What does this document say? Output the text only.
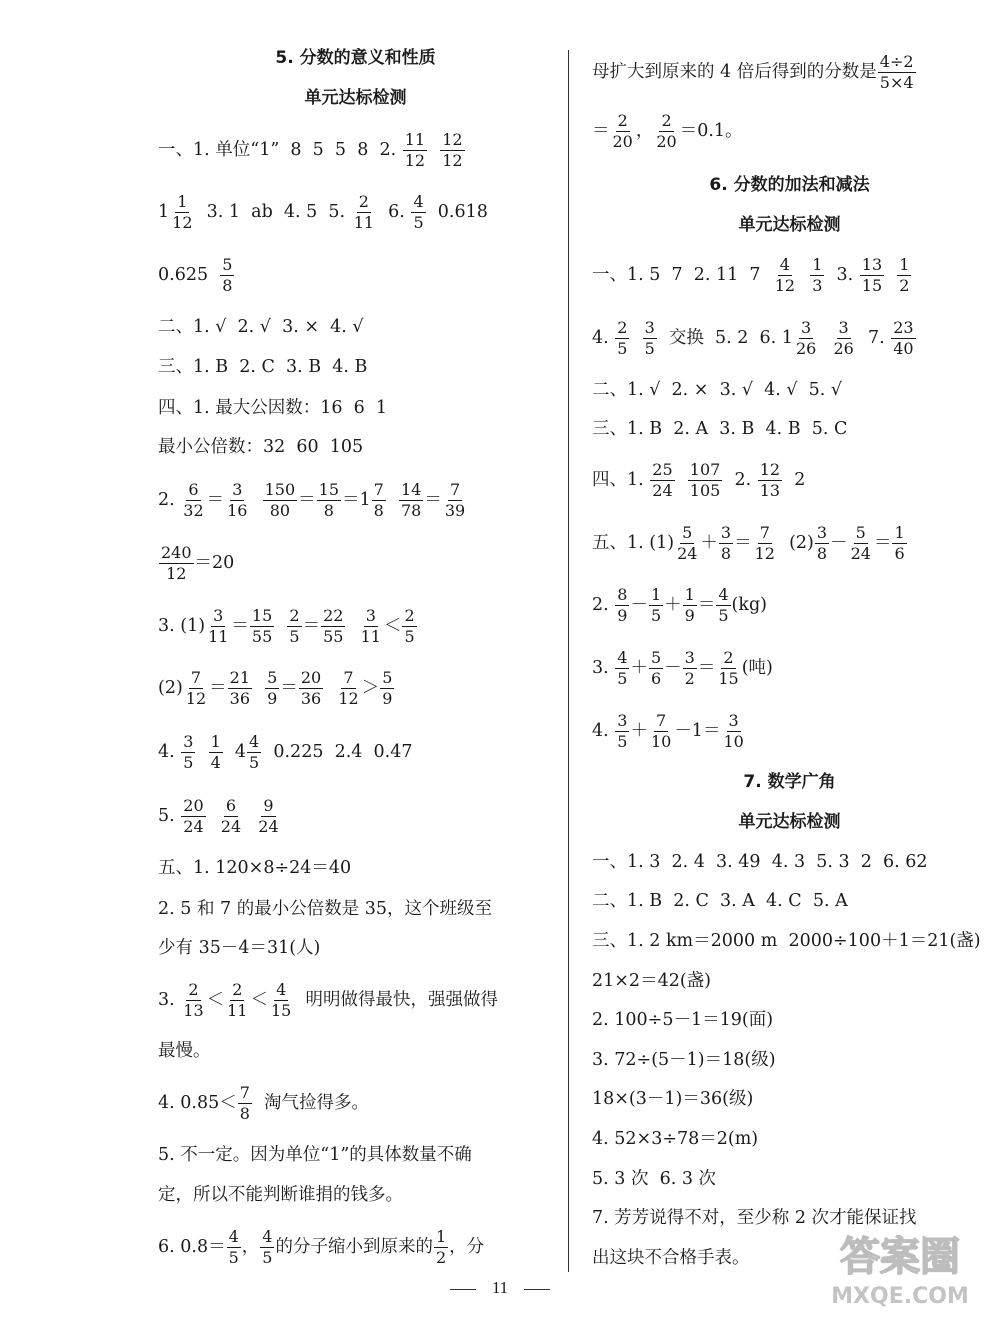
5. 分数的意义和性质
单元达标检测
一、1. 单位“1”  8  5  5  8  2. $\frac{11}{12}$
$\frac{12}{12}$
$1 \frac{1}{12} 3$. 1  ab  4. 5  5. $\frac{2}{11} 6$. $\frac{4}{5} 0.618$
$0.625 \frac{5}{8}$
二、1. √  2. √  3. ×  4. √
三、1. B  2. C  3. B  4. B
四、1. 最大公因数：16  6  1
最小公倍数：32  60  105
2. $\frac{6}{32} = \frac{3}{16}$
$\frac{150}{80} = \frac{15}{8} =1 \frac{7}{8}$
$\frac{14}{78} = \frac{7}{39}$
$\frac{240}{12} =20$
3. $(1) \frac{3}{11} = \frac{15}{55}$
$\frac{2}{5} = \frac{22}{55}$
$\frac{3}{11} < \frac{2}{5}$
$(2) \frac{7}{12} = \frac{21}{36}$
$\frac{5}{9} = \frac{20}{36}$
$\frac{7}{12} > \frac{5}{9}$
4. $\frac{3}{5}$
$\frac{1}{4} 4 \frac{4}{5} 0.225$  2.4  0.47
5. $\frac{20}{24}$
$\frac{6}{24}$
$\frac{9}{24}$
五、1. 120×8÷24＝40
2. 5 和 7 的最小公倍数是 35，这个班级至
少有 35－4＝31(人)
3. $\frac{2}{13} < \frac{2}{11} < \frac{4}{15}$ 明明做得最快，强强做得
最慢。
4. $0.85< \frac{7}{8}$ 淘气捡得多。
5. 不一定。因为单位“1”的具体数量不确
定，所以不能判断谁捐的钱多。
6. $0.8= \frac{4}{5}$ ， $\frac{4}{5}$ 的分子缩小到原来的 $\frac{1}{2}$ ，分
母扩大到原来的 4 倍后得到的分数是 $\frac{4\div 2}{5\times 4}$
＝ $\frac{2}{20}$ ， $\frac{2}{20} =0.1$。
6. 分数的加法和减法
单元达标检测
一、1. 5  7  2. 11  $7 \frac{4}{12}$
$\frac{1}{3} 3$. $\frac{13}{15}$
$\frac{1}{2}$
4. $\frac{2}{5}$
$\frac{3}{5}$ 交换  5. 2  6. $1 \frac{3}{26}$
$\frac{3}{26} 7$. $\frac{23}{40}$
二、1. √  2. ×  3. √  4. √  5. √
三、1. B  2. A  3. B  4. B  5. C
四、1. $\frac{25}{24}$
$\frac{107}{105} 2$. $\frac{12}{13} 2$
五、1. $(1) \frac{5}{24} + \frac{3}{8} = \frac{7}{12} (2) \frac{3}{8} - \frac{5}{24} = \frac{1}{6}$
2. $\frac{8}{9} - \frac{1}{5} + \frac{1}{9} = \frac{4}{5} (kg)$
3. $\frac{4}{5} + \frac{5}{6} - \frac{3}{2} = \frac{2}{15}$ (吨)
4. $\frac{3}{5} + \frac{7}{10} -1= \frac{3}{10}$
7. 数学广角
单元达标检测
一、1. 3  2. 4  3. 49  4. 3  5. 3  2  6. 62
二、1. B  2. C  3. A  4. C  5. A
三、1. 2 km＝2000 m  2000÷100＋1＝21(盏)
21×2＝42(盏)
2. 100÷5－1＝19(面)
3. 72÷(5－1)＝18(级)
18×(3－1)＝36(级)
4. 52×3÷78＝2(m)
5. 3 次  6. 3 次
7. 芳芳说得不对，至少称 2 次才能保证找
出这块不合格手表。
11
答案圈
MXQE.COM
